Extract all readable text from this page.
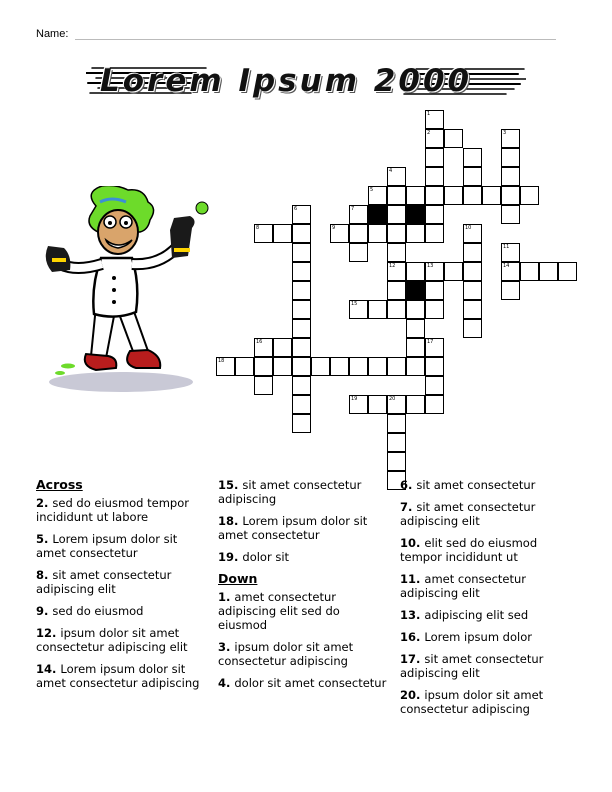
Name:
Lorem Ipsum 2000
1
2	3
4
5
6	7
8	9	10
11
12	13	14
15
16	17
18
19	20
Across
2. sed do eiusmod tempor incididunt ut labore
5. Lorem ipsum dolor sit amet consectetur
8. sit amet consectetur adipiscing elit
9. sed do eiusmod
12. ipsum dolor sit amet consectetur adipiscing elit
14. Lorem ipsum dolor sit amet consectetur adipiscing
15. sit amet consectetur adipiscing
18. Lorem ipsum dolor sit amet consectetur
19. dolor sit
Down
1. amet consectetur adipiscing elit sed do eiusmod
3. ipsum dolor sit amet consectetur adipiscing
4. dolor sit amet consectetur
6. sit amet consectetur
7. sit amet consectetur adipiscing elit
10. elit sed do eiusmod tempor incididunt ut
11. amet consectetur adipiscing elit
13. adipiscing elit sed
16. Lorem ipsum dolor
17. sit amet consectetur adipiscing elit
20. ipsum dolor sit amet consectetur adipiscing
